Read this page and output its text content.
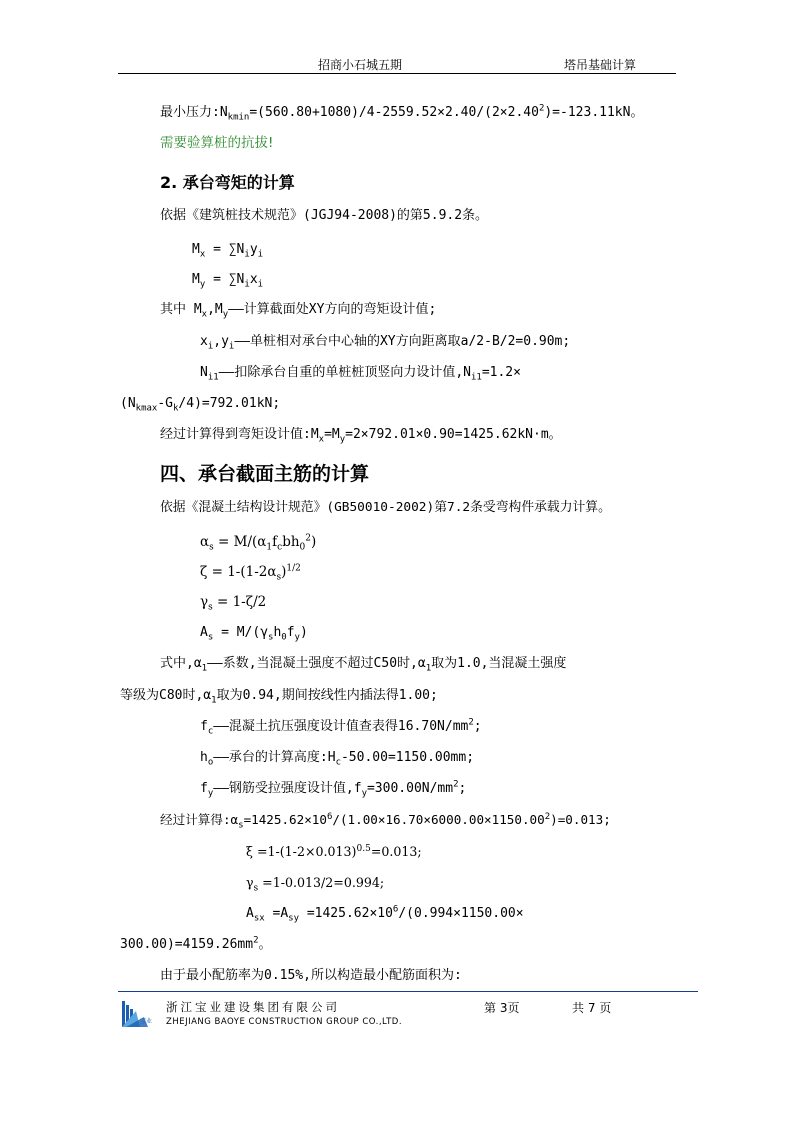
招商小石城五期	塔吊基础计算
最小压力$:N_{kmin}=(560.80+1080)/4-2559.52\times 2.40/(2\times 2.40^2)=-123.11kN$。
需要验算桩的抗拔!
2. 承台弯矩的计算
依据《建筑桩技术规范》(JGJ94-2008)的第5.9.2条。
$M_x = \sum N_iy_i$
$M_y = \sum N_ix_i$
其中 $M_x,M_y——$计算截面处XY方向的弯矩设计值;
$x_i,y_i——$单桩相对承台中心轴的XY方向距离取a/2-B/2=0.90m;
$N_{i1}——$扣除承台自重的单桩桩顶竖向力设计值$,N_{i1}=1.2\times$
$(N_{kmax}-G_k/4)=792.01kN$;
经过计算得到弯矩设计值$:M_x=M_y=2\times 792.01\times 0.90=1425.62kN\cdot m$。
四、承台截面主筋的计算
依据《混凝土结构设计规范》(GB50010-2002)第7.2条受弯构件承载力计算。
$\alpha_s = M/(\alpha_1f_cbh_0^2)$
$\zeta = 1-(1-2\alpha_s)^{1/2}$
$\gamma_s = 1-\zeta/2$
$A_s = M/(\gamma_sh_0f_y)$
式中$,\alpha_1——$系数,当混凝土强度不超过C50时$,\alpha_1$取为1.0,当混凝土强度
等级为C80时$,\alpha_1$取为0.94,期间按线性内插法得1.00;
$f_c——$混凝土抗压强度设计值查表得$16.70N/mm^2$;
$h_o——$承台的计算高度$:H_c-50.00=1150.00mm$;
$f_y——$钢筋受拉强度设计值$,f_y=300.00N/mm^2$;
经过计算得$:\alpha_s=1425.62\times 10^6/(1.00\times 16.70\times 6000.00\times 1150.00^2)=0.013$;
$\xi =1-(1-2\times 0.013)^{0.5}=0.013$;
$\gamma_s =1-0.013/2=0.994$;
$A_{sx} =A_{sy} =1425.62\times 10^6/(0.994\times 1150.00\times$
$300.00)=4159.26mm^2$。
由于最小配筋率为0.15%,所以构造最小配筋面积为:
宝业
浙江宝业建设集团有限公司
ZHEJIANG BAOYE CONSTRUCTION GROUP CO.,LTD.
第 3页	共 7 页
